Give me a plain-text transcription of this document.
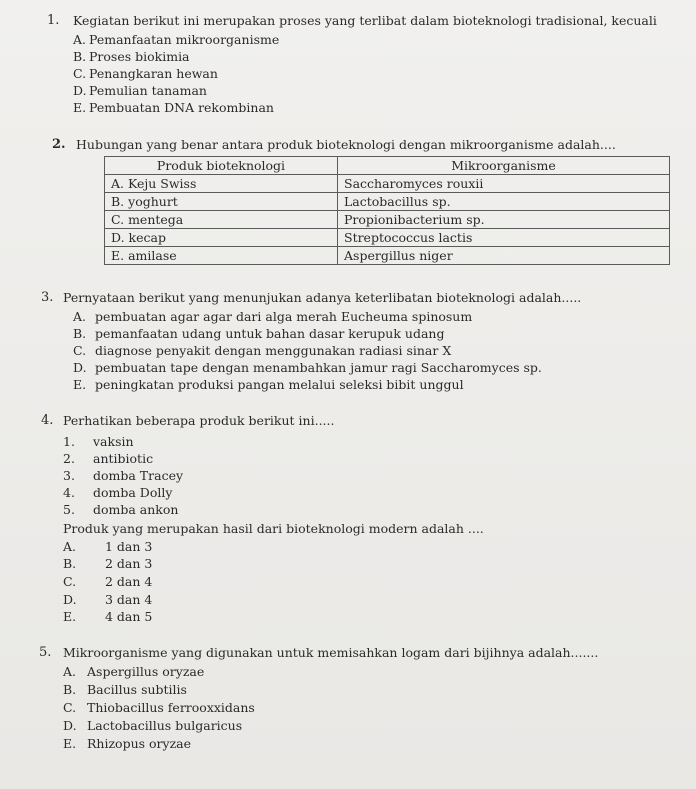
1. Kegiatan berikut ini merupakan proses yang terlibat dalam bioteknologi tradisional, kecuali
A. Pemanfaatan mikroorganisme
B. Proses biokimia
C. Penangkaran hewan
D. Pemulian tanaman
E. Pembuatan DNA rekombinan
2. Hubungan yang benar antara produk bioteknologi dengan mikroorganisme adalah....
Produk bioteknologi	Mikroorganisme
A. Keju Swiss	Saccharomyces rouxii
B. yoghurt	Lactobacillus sp.
C. mentega	Propionibacterium sp.
D. kecap	Streptococcus lactis
E. amilase	Aspergillus niger
3. Pernyataan berikut yang menunjukan adanya keterlibatan bioteknologi adalah.....
A. pembuatan agar agar dari alga merah Eucheuma spinosum
B. pemanfaatan udang untuk bahan dasar kerupuk udang
C. diagnose penyakit dengan menggunakan radiasi sinar X
D. pembuatan tape dengan menambahkan jamur ragi Saccharomyces sp.
E. peningkatan produksi pangan melalui seleksi bibit unggul
4. Perhatikan beberapa produk berikut ini.....
1. vaksin
2. antibiotic
3. domba Tracey
4. domba Dolly
5. domba ankon
Produk yang merupakan hasil dari bioteknologi modern adalah ....
A. 1 dan 3
B. 2 dan 3
C. 2 dan 4
D. 3 dan 4
E. 4 dan 5
5. Mikroorganisme yang digunakan untuk memisahkan logam dari bijihnya adalah.......
A. Aspergillus oryzae
B. Bacillus subtilis
C. Thiobacillus ferrooxxidans
D. Lactobacillus bulgaricus
E. Rhizopus oryzae
